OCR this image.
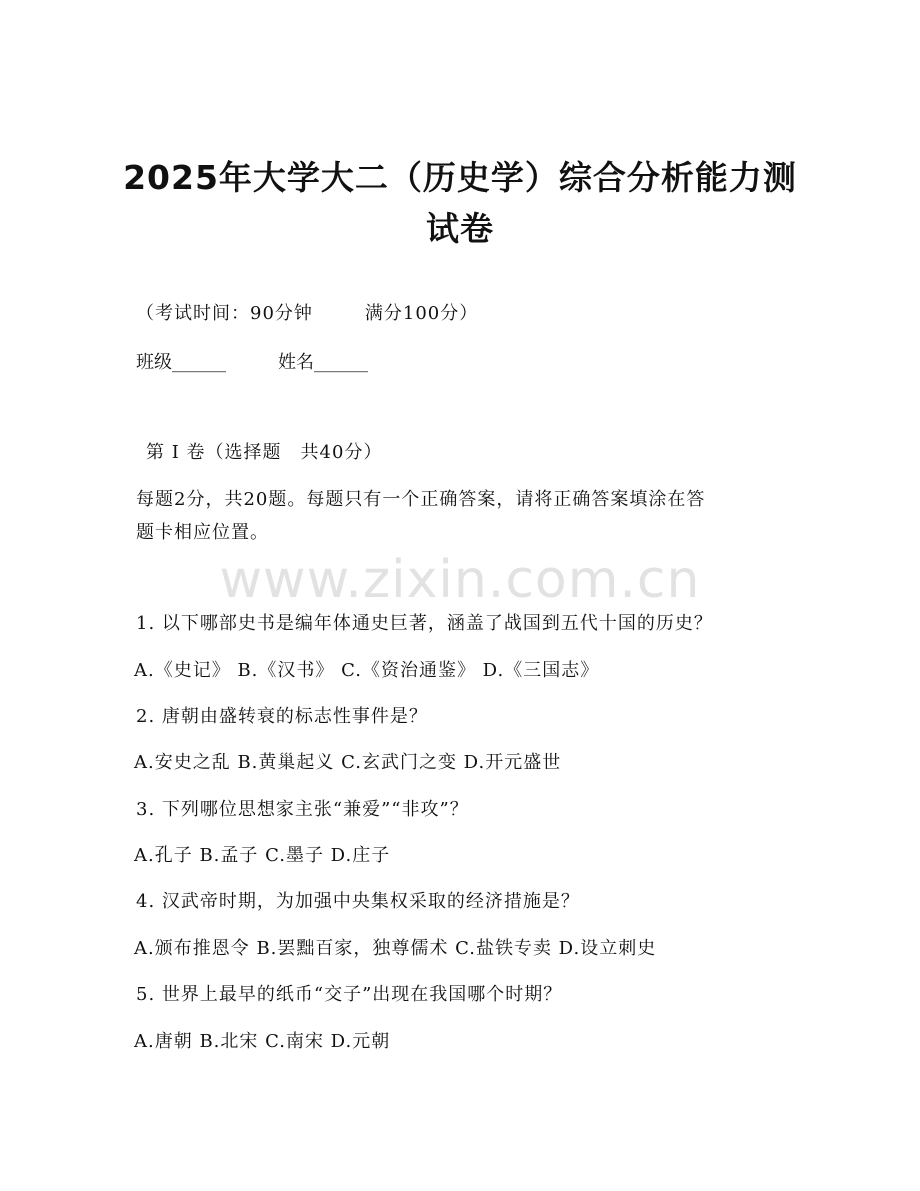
2025年大学大二（历史学）综合分析能力测
试卷
（考试时间：90分钟	满分100分）
班级______	姓名______
第 I 卷（选择题　共40分）
每题2分，共20题。每题只有一个正确答案，请将正确答案填涂在答
题卡相应位置。
www.zixin.com.cn
1. 以下哪部史书是编年体通史巨著，涵盖了战国到五代十国的历史？
A.《史记》 B.《汉书》 C.《资治通鉴》 D.《三国志》
2. 唐朝由盛转衰的标志性事件是？
A.安史之乱 B.黄巢起义 C.玄武门之变 D.开元盛世
3. 下列哪位思想家主张“兼爱”“非攻”？
A.孔子 B.孟子 C.墨子 D.庄子
4. 汉武帝时期，为加强中央集权采取的经济措施是？
A.颁布推恩令 B.罢黜百家，独尊儒术 C.盐铁专卖 D.设立刺史
5. 世界上最早的纸币“交子”出现在我国哪个时期？
A.唐朝 B.北宋 C.南宋 D.元朝
